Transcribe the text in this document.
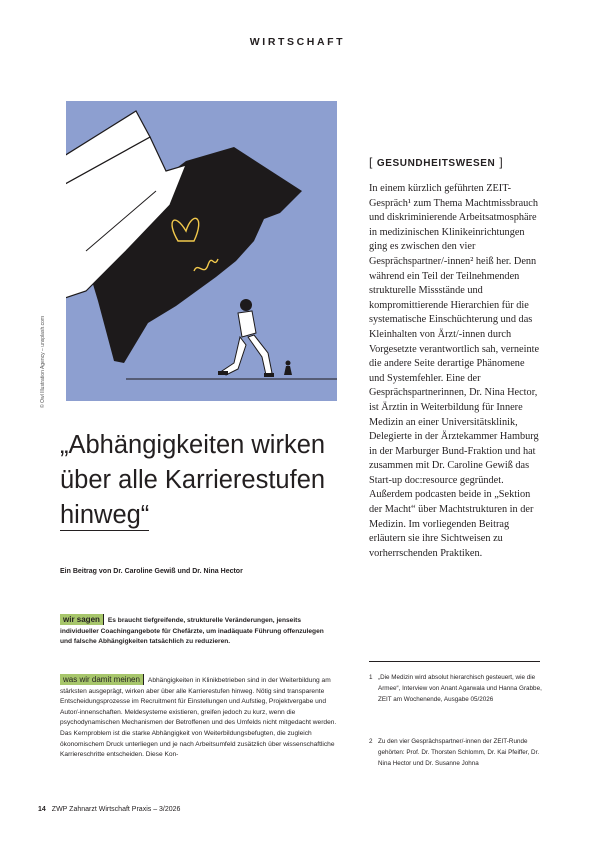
WIRTSCHAFT
© Owl Illustration Agency – unsplash.com
„Abhängigkeiten wirken
über alle Karrierestufen
hinweg“
Ein Beitrag von Dr. Caroline Gewiß und Dr. Nina Hector
wir sagen Es braucht tiefgreifende, strukturelle Veränderungen, jenseits individueller Coachingangebote für Chefärzte, um inadäquate Führung offenzulegen und falsche Abhängigkeiten tatsächlich zu reduzieren.
was wir damit meinen Abhängigkeiten in Klinikbetrieben sind in der Weiterbildung am stärksten ausgeprägt, wirken aber über alle Karrierestufen hinweg. Nötig sind transparente Entscheidungsprozesse im Recruitment für Einstellungen und Aufstieg, Projektvergabe und Autor/-innenschaften. Meldesysteme existieren, greifen jedoch zu kurz, wenn die psychodynamischen Mechanismen der Betroffenen und des Umfelds nicht mitgedacht werden. Das Kernproblem ist die starke Abhängigkeit von Weiterbildungsbefugten, die zugleich ökonomischem Druck unterliegen und je nach Arbeitsumfeld zusätzlich über wissenschaftliche Karriereschritte entscheiden. Diese Kon-
[ GESUNDHEITSWESEN ]
In einem kürzlich geführten ZEIT-Gespräch¹ zum Thema Machtmissbrauch und diskriminierende Arbeitsatmosphäre in medizinischen Klinikeinrichtungen ging es zwischen den vier Gesprächspartner/-innen² heiß her. Denn während ein Teil der Teilnehmenden strukturelle Missstände und kompromittierende Hierarchien für die systematische Einschüchterung und das Kleinhalten von Ärzt/-innen durch Vorgesetzte verantwortlich sah, verneinte die andere Seite derartige Phänomene und Systemfehler. Eine der Gesprächspartnerinnen, Dr. Nina Hector, ist Ärztin in Weiterbildung für Innere Medizin an einer Universitätsklinik, Delegierte in der Ärztekammer Hamburg in der Marburger Bund-Fraktion und hat zusammen mit Dr. Caroline Gewiß das Start-up doc:resource gegründet. Außerdem podcasten beide in „Sektion der Macht“ über Machtstrukturen in der Medizin. Im vorliegenden Beitrag erläutern sie ihre Sichtweisen zu vorherrschenden Praktiken.
1 „Die Medizin wird absolut hierarchisch gesteuert, wie die Armee“, Interview von Anant Agarwala und Hanna Grabbe, ZEIT am Wochenende, Ausgabe 05/2026
2 Zu den vier Gesprächspartner/-innen der ZEIT-Runde gehörten: Prof. Dr. Thorsten Schlomm, Dr. Kai Pfeiffer, Dr. Nina Hector und Dr. Susanne Johna
14 ZWP Zahnarzt Wirtschaft Praxis – 3/2026
